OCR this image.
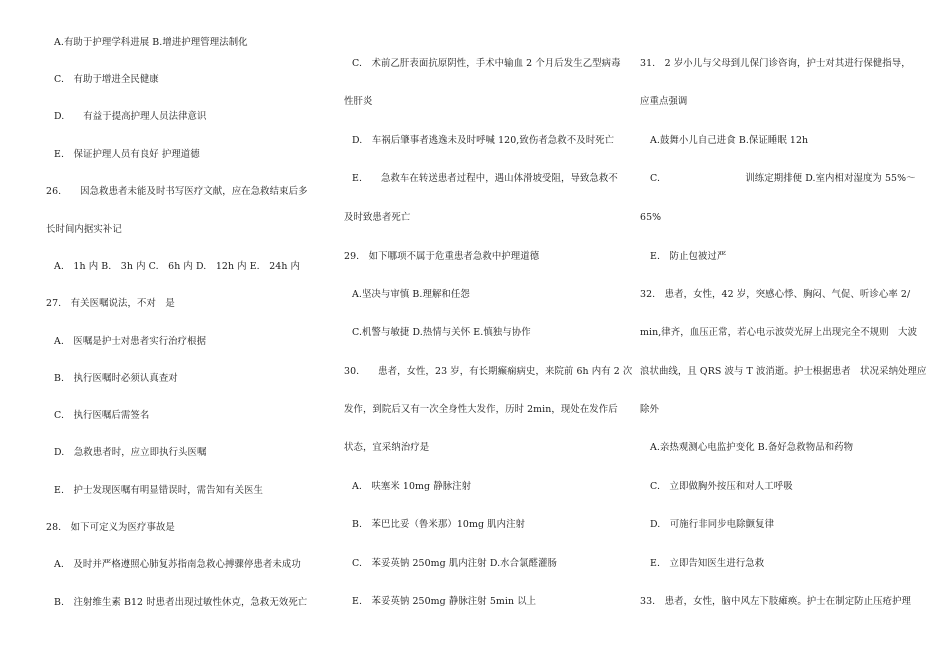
A.有助于护理学科进展 B.增进护理管理法制化
C.　有助于增进全民健康
D.　　有益于提高护理人员法律意识
E.　保证护理人员有良好 护理道德
26.　　因急救患者未能及时书写医疗文献，应在急救结束后多
长时间内据实补记
A.　1h 内 B.　3h 内 C.　6h 内 D.　12h 内 E.　24h 内
27.　有关医嘱说法，不对　是
A.　医嘱是护士对患者实行治疗根据
B.　执行医嘱时必须认真查对
C.　执行医嘱后需签名
D.　急救患者时，应立即执行头医嘱
E.　护士发现医嘱有明显错误时，需告知有关医生
28.　如下可定义为医疗事故是
A.　及时并严格遵照心肺复苏指南急救心搏骤停患者未成功
B.　注射维生素 B12 时患者出现过敏性休克，急救无效死亡
C.　术前乙肝表面抗原阴性，手术中输血 2 个月后发生乙型病毒
性肝炎
D.　车祸后肇事者逃逸未及时呼喊 120,致伤者急救不及时死亡
E.　　急救车在转送患者过程中，遇山体滑坡受阻，导致急救不
及时致患者死亡
29.　如下哪项不属于危重患者急救中护理道德
A.坚决与审慎 B.理解和任怨
C.机警与敏捷 D.热情与关怀 E.慎独与协作
30.　　患者，女性，23 岁，有长期癫痫病史，来院前 6h 内有 2 次
发作，到院后又有一次全身性大发作，历时 2min，现处在发作后
状态，宜采纳治疗是
A.　呋塞米 10mg 静脉注射
B.　苯巴比妥（鲁米那）10mg 肌内注射
C.　苯妥英钠 250mg 肌内注射 D.水合氯醛灌肠
E.　苯妥英钠 250mg 静脉注射 5min 以上
31.　2 岁小儿与父母到儿保门诊咨询，护士对其进行保健指导，
应重点强调
A.鼓舞小儿自己进食 B.保证睡眠 12h
C.　　　　　　　　　训练定期排便 D.室内相对湿度为 55%～
65%
E.　防止包被过严
32.　患者，女性，42 岁，突感心悸、胸闷、气促、听诊心率 2/
min,律齐，血压正常，若心电示波荧光屏上出现完全不规则　大波
浪状曲线，且 QRS 波与 T 波消逝。护士根据患者　状况采纳处理应
除外
A.亲热观测心电监护变化 B.备好急救物品和药物
C.　立即做胸外按压和对人工呼吸
D.　可施行非同步电除颤复律
E.　立即告知医生进行急救
33.　患者，女性，脑中风左下肢瘫痪。护士在制定防止压疮护理
